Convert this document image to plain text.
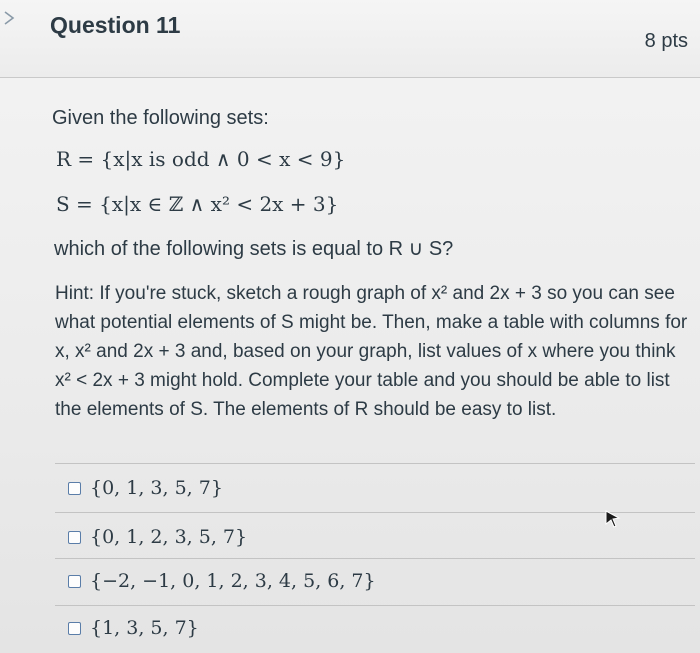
Question 11
8 pts
Given the following sets:
R = {x|x is odd ∧ 0 < x < 9}
S = {x|x ∈ ℤ ∧ x² < 2x + 3}
which of the following sets is equal to R ∪ S?
Hint: If you're stuck, sketch a rough graph of x² and 2x + 3 so you can see what potential elements of S might be. Then, make a table with columns for x, x² and 2x + 3 and, based on your graph, list values of x where you think x² < 2x + 3 might hold. Complete your table and you should be able to list the elements of S. The elements of R should be easy to list.
{0, 1, 3, 5, 7}
{0, 1, 2, 3, 5, 7}
{−2, −1, 0, 1, 2, 3, 4, 5, 6, 7}
{1, 3, 5, 7}
